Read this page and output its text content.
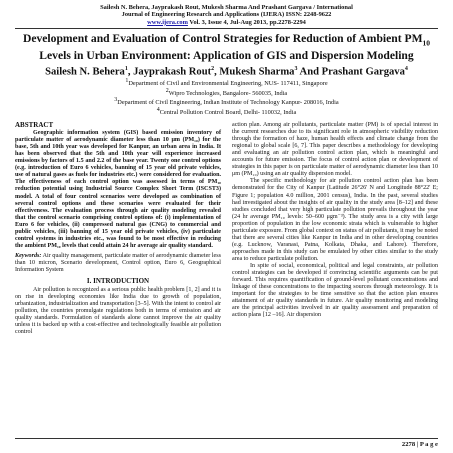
Sailesh N. Behera, Jayprakash Rout, Mukesh Sharma And Prashant Gargava / International
Journal of Engineering Research and Applications (IJERA) ISSN: 2248-9622
www.ijera.com Vol. 3, Issue 4, Jul-Aug 2013, pp.2278-2294
Development and Evaluation of Control Strategies for Reduction of Ambient $PM_{10}$ Levels in Urban Environment: Application of GIS and Dispersion Modeling
Sailesh N. Behera$^1$, Jayprakash Rout$^2$, Mukesh Sharma$^3$ And Prashant Gargava$^4$
$^1$Department of Civil and Environmental Engineering, NUS- 117411, Singapore
$^2$Wipro Technologies, Bangalore- 560035, India
$^3$Department of Civil Engineering, Indian Institute of Technology Kanpur- 208016, India
$^4$Central Pollution Control Board, Delhi- 110032, India
ABSTRACT

Geographic information system (GIS) based emission inventory of particulate matter of aerodynamic diameter less than 10 μm (PM₁₀) for the base, 5th and 10th year was developed for Kanpur, an urban area in India. It has been observed that the 5th and 10th year will experience increased emissions by factors of 1.5 and 2.2 of the base year. Twenty one control options (e.g. introduction of Euro 6 vehicles, banning of 15 year old private vehicles, use of natural gases as fuels for industries etc.) were considered for evaluation. The effectiveness of each control option was assessed in terms of PM₁₀ reduction potential using Industrial Source Complex Short Term (ISCST3) model. A total of four control scenarios were developed as combination of several control options and these scenarios were evaluated for their effectiveness. The evaluation process through air quality modeling revealed that the control scenario comprising control options of: (i) implementation of Euro 6 for vehicles, (ii) compressed natural gas (CNG) to commercial and public vehicles, (iii) banning of 15 year old private vehicles, (iv) particulate control systems in industries etc., was found to be most effective in reducing the ambient PM₁₀ levels that could attain 24 hr average air quality standard.

Keywords: Air quality management, particulate matter of aerodynamic diameter less than 10 micron, Scenario development, Control option, Euro 6, Geographical Information System

I. INTRODUCTION

Air pollution is recognized as a serious public health problem [1, 2] and it is on rise in developing economies like India due to growth of population, urbanization, industrialization and transportation [3–5]. With the intent to control air pollution, the countries promulgate regulations both in terms of emission and air quality standards. Formulation of standards alone cannot improve the air quality unless it is backed up with a cost-effective and technologically feasible air pollution control

action plan. Among air pollutants, particulate matter (PM) is of special interest in the current researches due to its significant role in atmospheric visibility reduction through the formation of haze, human health effects and climate change from the regional to global scale [6, 7]. This paper describes a methodology for developing and evaluating an air pollution control action plan, which is meaningful and accounts for future emission. The focus of control action plan or development of strategies in this paper is on particulate matter of aerodynamic diameter less than 10 μm (PM₁₀) using an air quality dispersion model.

The specific methodology for air pollution control action plan has been demonstrated for the City of Kanpur (Latitude 26°26' N and Longitude 88°22' E; Figure 1; population 4.0 million, 2001 census), India. In the past, several studies had investigated about the insights of air quality in the study area [8–12] and these studies concluded that very high particulate pollution prevails throughout the year (24 hr average PM₁₀ levels: 50–600 μgm⁻³). The study area is a city with large proportion of population in the low economic strata which is vulnerable to higher particulate exposure. From global context on status of air pollutants, it may be noted that there are several cities like Kanpur in India and in other developing countries (e.g. Lucknow, Varanasi, Patna, Kolkata, Dhaka, and Lahore). Therefore, approaches made in this study can be emulated by other cities similar to the study area to reduce particulate pollution.

In spite of social, economical, political and legal constraints, air pollution control strategies can be developed if convincing scientific arguments can be put forward. This requires quantification of ground-level pollutant concentrations and linkage of these concentrations to the impacting sources through meteorology. It is important for the strategies to be time sensitive so that the action plan ensures attainment of air quality standards in future. Air quality monitoring and modeling are the principal activities involved in air quality assessment and preparation of action plans [12 –16]. Air dispersion

2278 | P a g e
